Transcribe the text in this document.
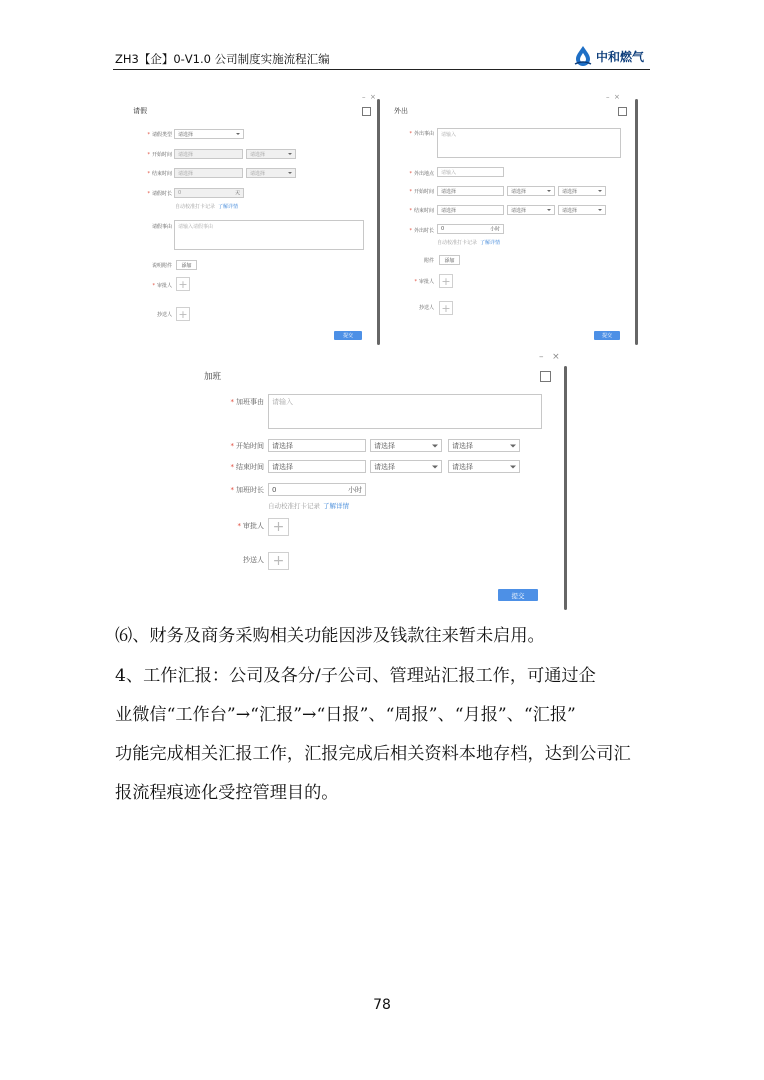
ZH3【企】0-V1.0 公司制度实施流程汇编	中和燃气
– ×
请假
* 请假类型 请选择
* 开始时间 请选择	请选择
* 结束时间 请选择	请选择
* 请假时长 0	天
自动校准打卡记录 了解详情
请假事由 请输入请假事由
说明附件	添加
* 审批人 +
抄送人 +
提交
– ×
外出
* 外出事由 请输入
* 外出地点 请输入
* 开始时间 请选择	请选择	请选择
* 结束时间 请选择	请选择	请选择
* 外出时长 0	小时
自动校准打卡记录 了解详情
附件	添加
* 审批人 +
抄送人 +
提交
– ×
加班
* 加班事由 请输入
* 开始时间 请选择	请选择	请选择
* 结束时间 请选择	请选择	请选择
* 加班时长 0	小时
自动校准打卡记录 了解详情
* 审批人 +
抄送人 +
提交
⑹、财务及商务采购相关功能因涉及钱款往来暂未启用。
4、工作汇报：公司及各分/子公司、管理站汇报工作，可通过企
业微信“工作台”→“汇报”→“日报”、“周报”、“月报”、“汇报”
功能完成相关汇报工作，汇报完成后相关资料本地存档，达到公司汇
报流程痕迹化受控管理目的。
78
